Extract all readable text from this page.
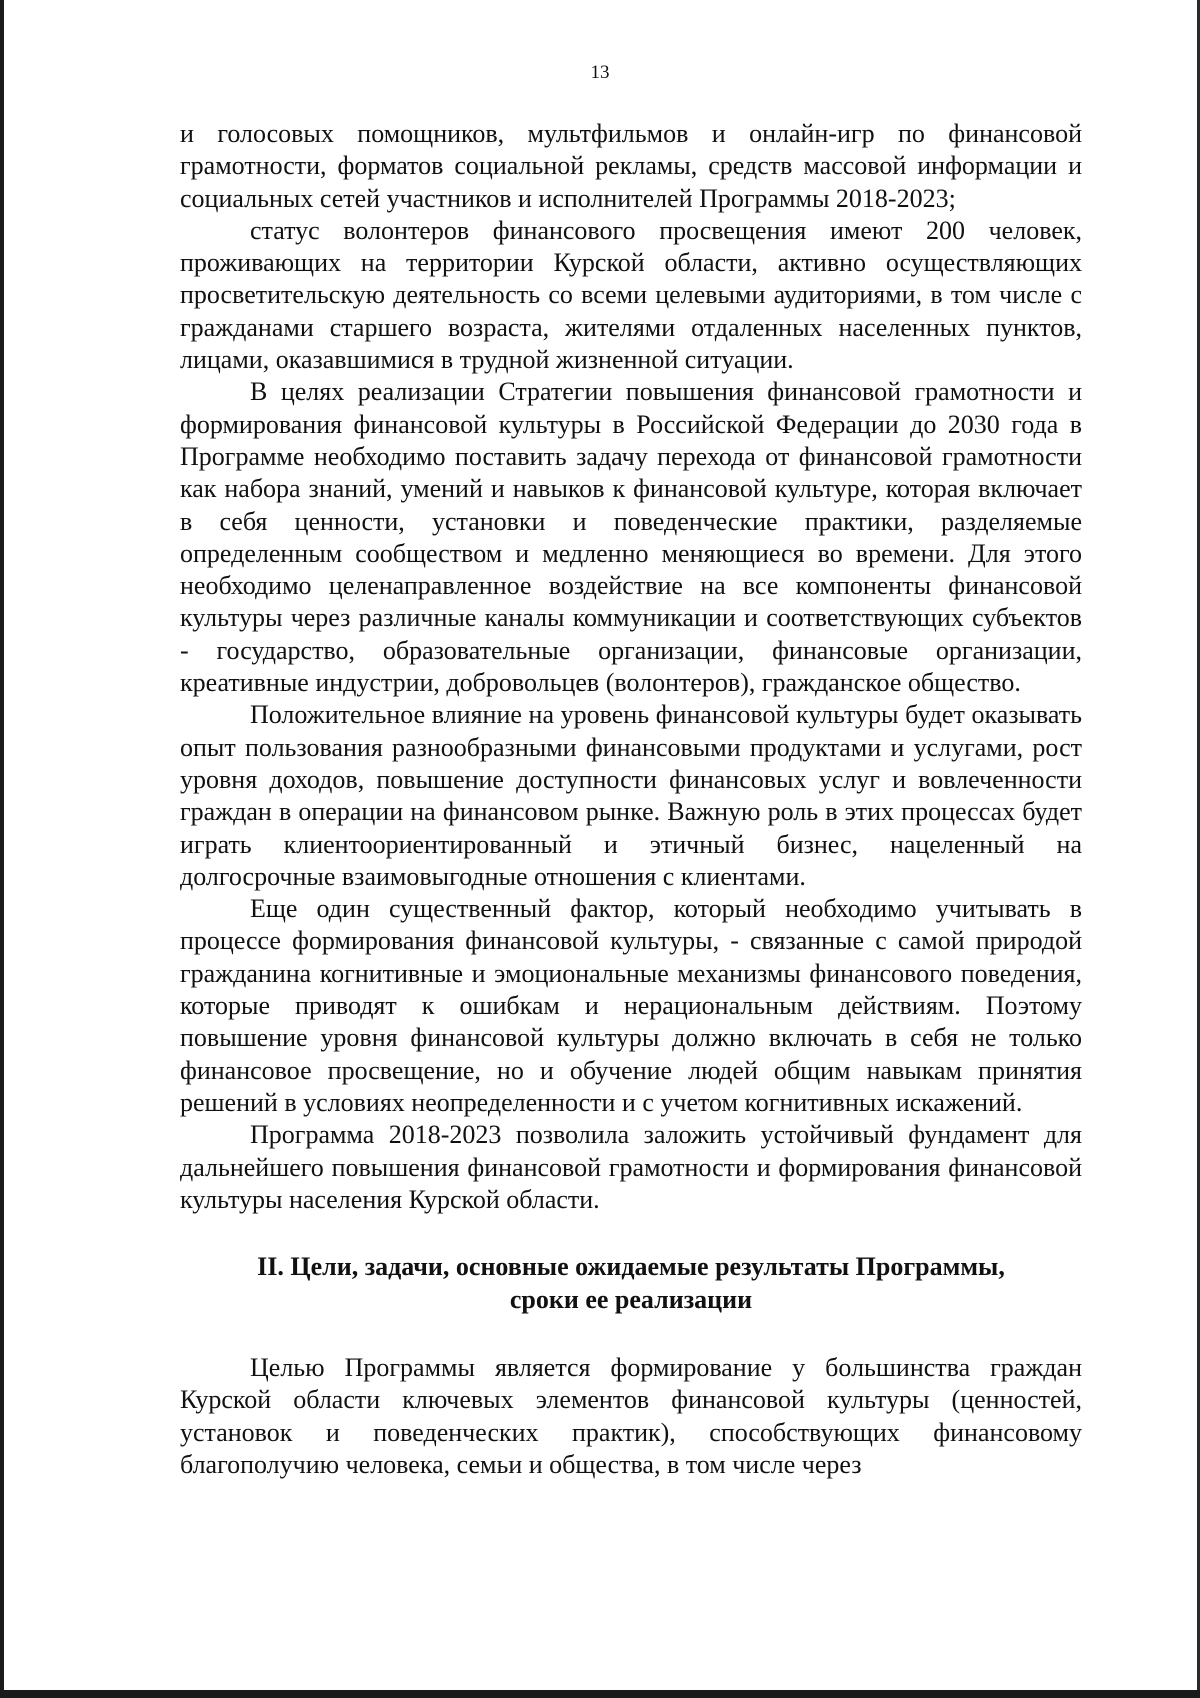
13

и голосовых помощников, мультфильмов и онлайн-игр по финансовой грамотности, форматов социальной рекламы, средств массовой информации и социальных сетей участников и исполнителей Программы 2018-2023;

статус волонтеров финансового просвещения имеют 200 человек, проживающих на территории Курской области, активно осуществляющих просветительскую деятельность со всеми целевыми аудиториями, в том числе с гражданами старшего возраста, жителями отдаленных населенных пунктов, лицами, оказавшимися в трудной жизненной ситуации.

В целях реализации Стратегии повышения финансовой грамотности и формирования финансовой культуры в Российской Федерации до 2030 года в Программе необходимо поставить задачу перехода от финансовой грамотности как набора знаний, умений и навыков к финансовой культуре, которая включает в себя ценности, установки и поведенческие практики, разделяемые определенным сообществом и медленно меняющиеся во времени. Для этого необходимо целенаправленное воздействие на все компоненты финансовой культуры через различные каналы коммуникации и соответствующих субъектов - государство, образовательные организации, финансовые организации, креативные индустрии, добровольцев (волонтеров), гражданское общество.

Положительное влияние на уровень финансовой культуры будет оказывать опыт пользования разнообразными финансовыми продуктами и услугами, рост уровня доходов, повышение доступности финансовых услуг и вовлеченности граждан в операции на финансовом рынке. Важную роль в этих процессах будет играть клиентоориентированный и этичный бизнес, нацеленный на долгосрочные взаимовыгодные отношения с клиентами.

Еще один существенный фактор, который необходимо учитывать в процессе формирования финансовой культуры, - связанные с самой природой гражданина когнитивные и эмоциональные механизмы финансового поведения, которые приводят к ошибкам и нерациональным действиям. Поэтому повышение уровня финансовой культуры должно включать в себя не только финансовое просвещение, но и обучение людей общим навыкам принятия решений в условиях неопределенности и с учетом когнитивных искажений.

Программа 2018-2023 позволила заложить устойчивый фундамент для дальнейшего повышения финансовой грамотности и формирования финансовой культуры населения Курской области.

II. Цели, задачи, основные ожидаемые результаты Программы,
сроки ее реализации

Целью Программы является формирование у большинства граждан Курской области ключевых элементов финансовой культуры (ценностей, установок и поведенческих практик), способствующих финансовому благополучию человека, семьи и общества, в том числе через
